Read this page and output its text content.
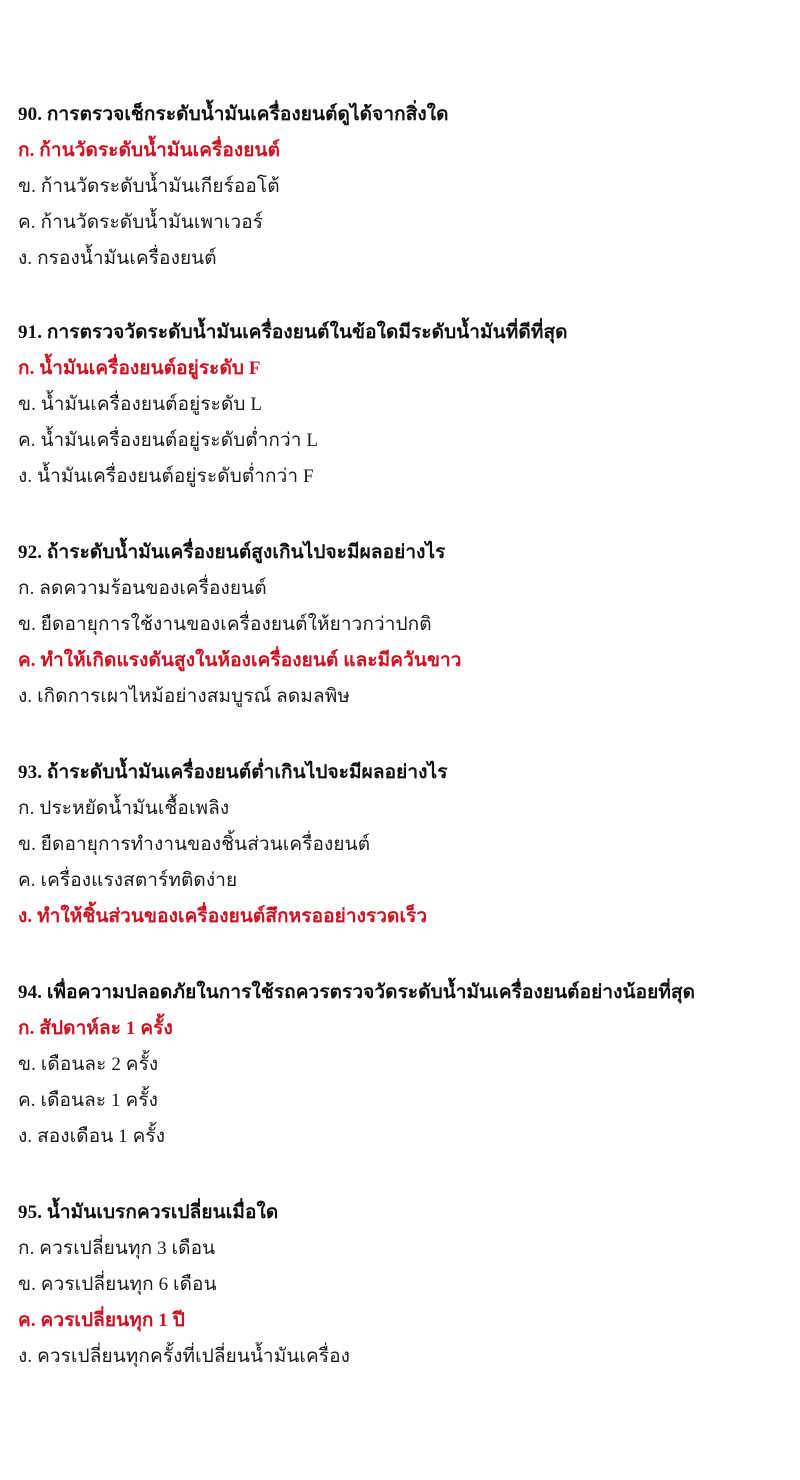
90. การตรวจเช็กระดับน้ำมันเครื่องยนต์ดูได้จากสิ่งใด
ก. ก้านวัดระดับน้ำมันเครื่องยนต์
ข. ก้านวัดระดับน้ำมันเกียร์ออโต้
ค. ก้านวัดระดับน้ำมันเพาเวอร์
ง. กรองน้ำมันเครื่องยนต์
91. การตรวจวัดระดับน้ำมันเครื่องยนต์ในข้อใดมีระดับน้ำมันที่ดีที่สุด
ก. น้ำมันเครื่องยนต์อยู่ระดับ F
ข. น้ำมันเครื่องยนต์อยู่ระดับ L
ค. น้ำมันเครื่องยนต์อยู่ระดับต่ำกว่า L
ง. น้ำมันเครื่องยนต์อยู่ระดับต่ำกว่า F
92. ถ้าระดับน้ำมันเครื่องยนต์สูงเกินไปจะมีผลอย่างไร
ก. ลดความร้อนของเครื่องยนต์
ข. ยืดอายุการใช้งานของเครื่องยนต์ให้ยาวกว่าปกติ
ค. ทำให้เกิดแรงดันสูงในห้องเครื่องยนต์ และมีควันขาว
ง. เกิดการเผาไหม้อย่างสมบูรณ์ ลดมลพิษ
93. ถ้าระดับน้ำมันเครื่องยนต์ต่ำเกินไปจะมีผลอย่างไร
ก. ประหยัดน้ำมันเชื้อเพลิง
ข. ยืดอายุการทำงานของชิ้นส่วนเครื่องยนต์
ค. เครื่องแรงสตาร์ทติดง่าย
ง. ทำให้ชิ้นส่วนของเครื่องยนต์สึกหรออย่างรวดเร็ว
94. เพื่อความปลอดภัยในการใช้รถควรตรวจวัดระดับน้ำมันเครื่องยนต์อย่างน้อยที่สุด
ก. สัปดาห์ละ 1 ครั้ง
ข. เดือนละ 2 ครั้ง
ค. เดือนละ 1 ครั้ง
ง. สองเดือน 1 ครั้ง
95. น้ำมันเบรกควรเปลี่ยนเมื่อใด
ก. ควรเปลี่ยนทุก 3 เดือน
ข. ควรเปลี่ยนทุก 6 เดือน
ค. ควรเปลี่ยนทุก 1 ปี
ง. ควรเปลี่ยนทุกครั้งที่เปลี่ยนน้ำมันเครื่อง
